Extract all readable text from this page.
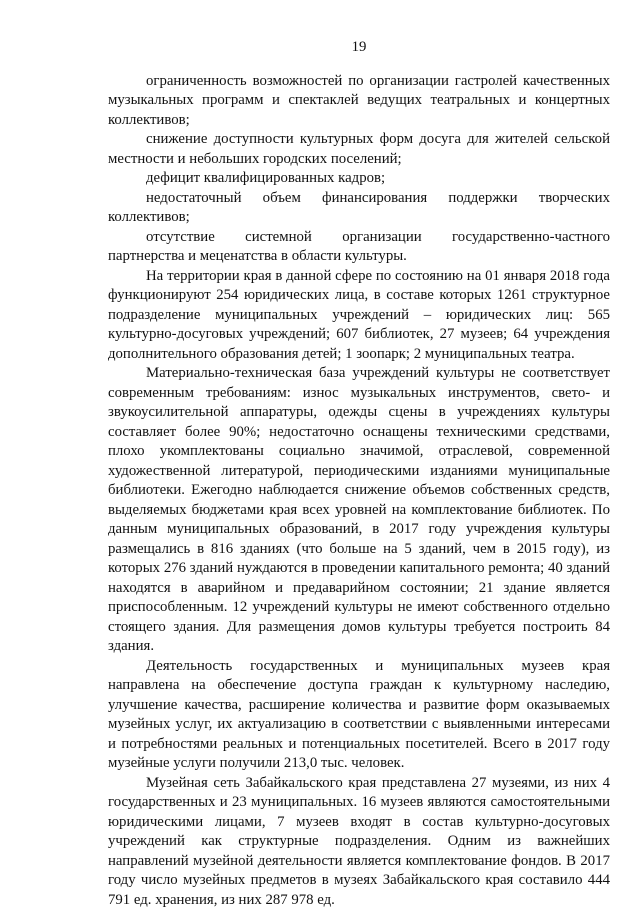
19

ограниченность возможностей по организации гастролей качественных музыкальных программ и спектаклей ведущих театральных и концертных коллективов;

снижение доступности культурных форм досуга для жителей сельской местности и небольших городских поселений;

дефицит квалифицированных кадров;

недостаточный объем финансирования поддержки творческих коллективов;

отсутствие системной организации государственно-частного партнерства и меценатства в области культуры.

На территории края в данной сфере по состоянию на 01 января 2018 года функционируют 254 юридических лица, в составе которых 1261 структурное подразделение муниципальных учреждений – юридических лиц: 565 культурно-досуговых учреждений; 607 библиотек, 27 музеев; 64 учреждения дополнительного образования детей; 1 зоопарк; 2 муниципальных театра.

Материально-техническая база учреждений культуры не соответствует современным требованиям: износ музыкальных инструментов, свето- и звукоусилительной аппаратуры, одежды сцены в учреждениях культуры составляет более 90%; недостаточно оснащены техническими средствами, плохо укомплектованы социально значимой, отраслевой, современной художественной литературой, периодическими изданиями муниципальные библиотеки. Ежегодно наблюдается снижение объемов собственных средств, выделяемых бюджетами края всех уровней на комплектование библиотек. По данным муниципальных образований, в 2017 году учреждения культуры размещались в 816 зданиях (что больше на 5 зданий, чем в 2015 году), из которых 276 зданий нуждаются в проведении капитального ремонта; 40 зданий находятся в аварийном и предаварийном состоянии; 21 здание является приспособленным. 12 учреждений культуры не имеют собственного отдельно стоящего здания. Для размещения домов культуры требуется построить 84 здания.

Деятельность государственных и муниципальных музеев края направлена на обеспечение доступа граждан к культурному наследию, улучшение качества, расширение количества и развитие форм оказываемых музейных услуг, их актуализацию в соответствии с выявленными интересами и потребностями реальных и потенциальных посетителей. Всего в 2017 году музейные услуги получили 213,0 тыс. человек.

Музейная сеть Забайкальского края представлена 27 музеями, из них 4 государственных и 23 муниципальных. 16 музеев являются самостоятельными юридическими лицами, 7 музеев входят в состав культурно-досуговых учреждений как структурные подразделения. Одним из важнейших направлений музейной деятельности является комплектование фондов. В 2017 году число музейных предметов в музеях Забайкальского края составило 444 791 ед. хранения, из них 287 978 ед.
